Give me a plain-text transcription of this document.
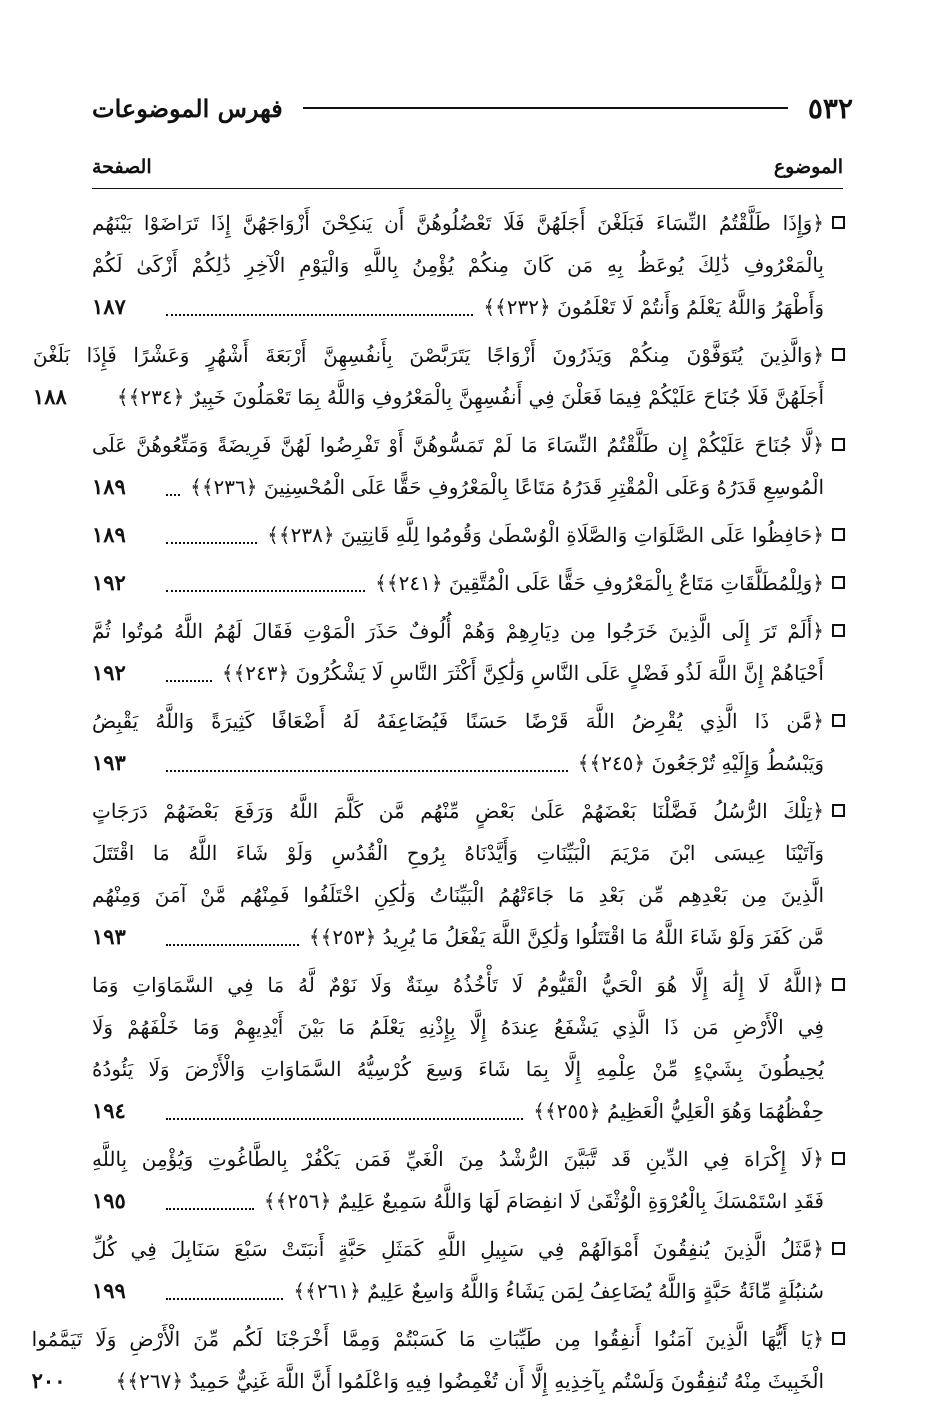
٥٣٢
فهرس الموضوعات
الموضوع
الصفحة
﴿وَإِذَا طَلَّقْتُمُ النِّسَاءَ فَبَلَغْنَ أَجَلَهُنَّ فَلَا تَعْضُلُوهُنَّ أَن يَنكِحْنَ أَزْوَاجَهُنَّ إِذَا تَرَاضَوْا بَيْنَهُم
بِالْمَعْرُوفِ ذَٰلِكَ يُوعَظُ بِهِ مَن كَانَ مِنكُمْ يُؤْمِنُ بِاللَّهِ وَالْيَوْمِ الْآخِرِ ذَٰلِكُمْ أَزْكَىٰ لَكُمْ
وَأَطْهَرُ وَاللَّهُ يَعْلَمُ وَأَنتُمْ لَا تَعْلَمُونَ ﴿٢٣٢﴾﴾
١٨٧
﴿وَالَّذِينَ يُتَوَفَّوْنَ مِنكُمْ وَيَذَرُونَ أَزْوَاجًا يَتَرَبَّصْنَ بِأَنفُسِهِنَّ أَرْبَعَةَ أَشْهُرٍ وَعَشْرًا فَإِذَا بَلَغْنَ
أَجَلَهُنَّ فَلَا جُنَاحَ عَلَيْكُمْ فِيمَا فَعَلْنَ فِي أَنفُسِهِنَّ بِالْمَعْرُوفِ وَاللَّهُ بِمَا تَعْمَلُونَ خَبِيرٌ ﴿٢٣٤﴾﴾
١٨٨
﴿لَّا جُنَاحَ عَلَيْكُمْ إِن طَلَّقْتُمُ النِّسَاءَ مَا لَمْ تَمَسُّوهُنَّ أَوْ تَفْرِضُوا لَهُنَّ فَرِيضَةً وَمَتِّعُوهُنَّ عَلَى
الْمُوسِعِ قَدَرُهُ وَعَلَى الْمُقْتِرِ قَدَرُهُ مَتَاعًا بِالْمَعْرُوفِ حَقًّا عَلَى الْمُحْسِنِينَ ﴿٢٣٦﴾﴾
١٨٩
﴿حَافِظُوا عَلَى الصَّلَوَاتِ وَالصَّلَاةِ الْوُسْطَىٰ وَقُومُوا لِلَّهِ قَانِتِينَ ﴿٢٣٨﴾﴾
١٨٩
﴿وَلِلْمُطَلَّقَاتِ مَتَاعٌ بِالْمَعْرُوفِ حَقًّا عَلَى الْمُتَّقِينَ ﴿٢٤١﴾﴾
١٩٢
﴿أَلَمْ تَرَ إِلَى الَّذِينَ خَرَجُوا مِن دِيَارِهِمْ وَهُمْ أُلُوفٌ حَذَرَ الْمَوْتِ فَقَالَ لَهُمُ اللَّهُ مُوتُوا ثُمَّ
أَحْيَاهُمْ إِنَّ اللَّهَ لَذُو فَضْلٍ عَلَى النَّاسِ وَلَٰكِنَّ أَكْثَرَ النَّاسِ لَا يَشْكُرُونَ ﴿٢٤٣﴾﴾
١٩٢
﴿مَّن ذَا الَّذِي يُقْرِضُ اللَّهَ قَرْضًا حَسَنًا فَيُضَاعِفَهُ لَهُ أَضْعَافًا كَثِيرَةً وَاللَّهُ يَقْبِضُ
وَيَبْسُطُ وَإِلَيْهِ تُرْجَعُونَ ﴿٢٤٥﴾﴾
١٩٣
﴿تِلْكَ الرُّسُلُ فَضَّلْنَا بَعْضَهُمْ عَلَىٰ بَعْضٍ مِّنْهُم مَّن كَلَّمَ اللَّهُ وَرَفَعَ بَعْضَهُمْ دَرَجَاتٍ
وَآتَيْنَا عِيسَى ابْنَ مَرْيَمَ الْبَيِّنَاتِ وَأَيَّدْنَاهُ بِرُوحِ الْقُدُسِ وَلَوْ شَاءَ اللَّهُ مَا اقْتَتَلَ
الَّذِينَ مِن بَعْدِهِم مِّن بَعْدِ مَا جَاءَتْهُمُ الْبَيِّنَاتُ وَلَٰكِنِ اخْتَلَفُوا فَمِنْهُم مَّنْ آمَنَ وَمِنْهُم
مَّن كَفَرَ وَلَوْ شَاءَ اللَّهُ مَا اقْتَتَلُوا وَلَٰكِنَّ اللَّهَ يَفْعَلُ مَا يُرِيدُ ﴿٢٥٣﴾﴾
١٩٣
﴿اللَّهُ لَا إِلَٰهَ إِلَّا هُوَ الْحَيُّ الْقَيُّومُ لَا تَأْخُذُهُ سِنَةٌ وَلَا نَوْمٌ لَّهُ مَا فِي السَّمَاوَاتِ وَمَا
فِي الْأَرْضِ مَن ذَا الَّذِي يَشْفَعُ عِندَهُ إِلَّا بِإِذْنِهِ يَعْلَمُ مَا بَيْنَ أَيْدِيهِمْ وَمَا خَلْفَهُمْ وَلَا
يُحِيطُونَ بِشَيْءٍ مِّنْ عِلْمِهِ إِلَّا بِمَا شَاءَ وَسِعَ كُرْسِيُّهُ السَّمَاوَاتِ وَالْأَرْضَ وَلَا يَئُودُهُ
حِفْظُهُمَا وَهُوَ الْعَلِيُّ الْعَظِيمُ ﴿٢٥٥﴾﴾
١٩٤
﴿لَا إِكْرَاهَ فِي الدِّينِ قَد تَّبَيَّنَ الرُّشْدُ مِنَ الْغَيِّ فَمَن يَكْفُرْ بِالطَّاغُوتِ وَيُؤْمِن بِاللَّهِ
فَقَدِ اسْتَمْسَكَ بِالْعُرْوَةِ الْوُثْقَىٰ لَا انفِصَامَ لَهَا وَاللَّهُ سَمِيعٌ عَلِيمٌ ﴿٢٥٦﴾﴾
١٩٥
﴿مَّثَلُ الَّذِينَ يُنفِقُونَ أَمْوَالَهُمْ فِي سَبِيلِ اللَّهِ كَمَثَلِ حَبَّةٍ أَنبَتَتْ سَبْعَ سَنَابِلَ فِي كُلِّ
سُنبُلَةٍ مِّائَةُ حَبَّةٍ وَاللَّهُ يُضَاعِفُ لِمَن يَشَاءُ وَاللَّهُ وَاسِعٌ عَلِيمٌ ﴿٢٦١﴾﴾
١٩٩
﴿يَا أَيُّهَا الَّذِينَ آمَنُوا أَنفِقُوا مِن طَيِّبَاتِ مَا كَسَبْتُمْ وَمِمَّا أَخْرَجْنَا لَكُم مِّنَ الْأَرْضِ وَلَا تَيَمَّمُوا
الْخَبِيثَ مِنْهُ تُنفِقُونَ وَلَسْتُم بِآخِذِيهِ إِلَّا أَن تُغْمِضُوا فِيهِ وَاعْلَمُوا أَنَّ اللَّهَ غَنِيٌّ حَمِيدٌ ﴿٢٦٧﴾﴾
٢٠٠
